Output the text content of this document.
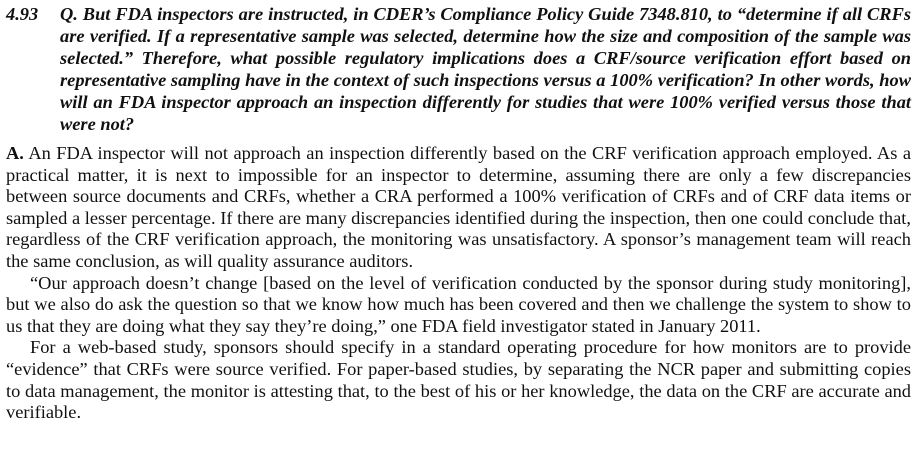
4.93 Q. But FDA inspectors are instructed, in CDER’s Compliance Policy Guide 7348.810, to “determine if all CRFs are verified. If a representative sample was selected, determine how the size and composition of the sample was selected.” Therefore, what possible regulatory implications does a CRF/source verification effort based on representative sampling have in the context of such inspections versus a 100% verification? In other words, how will an FDA inspector approach an inspection differently for studies that were 100% verified versus those that were not?

A. An FDA inspector will not approach an inspection differently based on the CRF verification approach employed. As a practical matter, it is next to impossible for an inspector to determine, assuming there are only a few discrepancies between source documents and CRFs, whether a CRA performed a 100% verification of CRFs and of CRF data items or sampled a lesser percentage. If there are many discrepancies identified during the inspection, then one could conclude that, regardless of the CRF verification approach, the monitoring was unsatisfactory. A sponsor’s management team will reach the same conclusion, as will quality assurance auditors.

“Our approach doesn’t change [based on the level of verification conducted by the sponsor during study monitoring], but we also do ask the question so that we know how much has been covered and then we challenge the system to show to us that they are doing what they say they’re doing,” one FDA field investigator stated in January 2011.

For a web-based study, sponsors should specify in a standard operating procedure for how monitors are to provide “evidence” that CRFs were source verified. For paper-based studies, by separating the NCR paper and submitting copies to data management, the monitor is attesting that, to the best of his or her knowledge, the data on the CRF are accurate and verifiable.
